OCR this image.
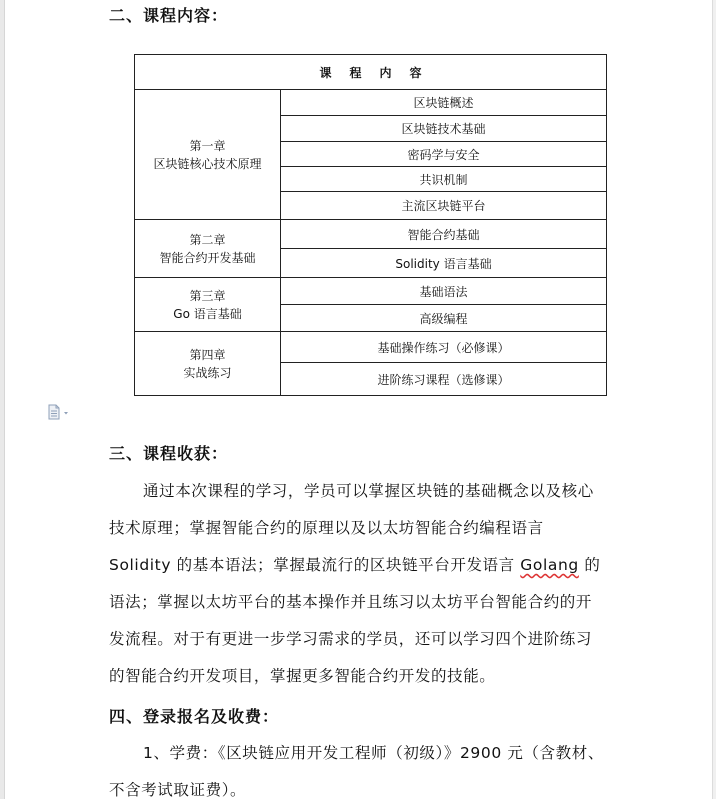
二、课程内容：
课程内容	

第一章
区块链核心技术原理	区块链概述
	区块链技术基础
	密码学与安全
	共识机制
	主流区块链平台

第二章
智能合约开发基础	智能合约基础
	Solidity 语言基础

第三章
Go 语言基础	基础语法
	高级编程

第四章
实战练习	基础操作练习（必修课）
	进阶练习课程（选修课）
三、课程收获：
通过本次课程的学习，学员可以掌握区块链的基础概念以及核心
技术原理；掌握智能合约的原理以及以太坊智能合约编程语言
Solidity 的基本语法；掌握最流行的区块链平台开发语言 Golang 的
语法；掌握以太坊平台的基本操作并且练习以太坊平台智能合约的开
发流程。对于有更进一步学习需求的学员，还可以学习四个进阶练习
的智能合约开发项目，掌握更多智能合约开发的技能。
四、登录报名及收费：
1、学费：《区块链应用开发工程师（初级）》2900 元（含教材、
不含考试取证费）。
